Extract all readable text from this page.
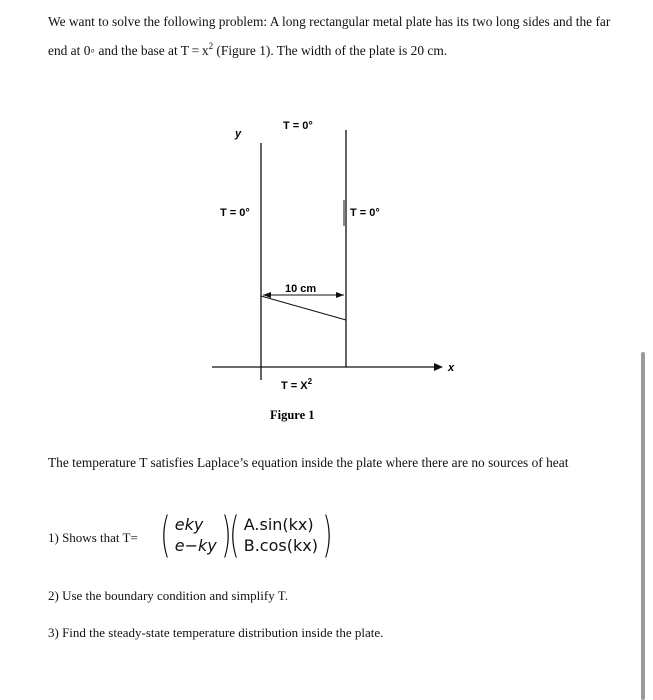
We want to solve the following problem: A long rectangular metal plate has its two long sides and the far end at 0◦ and the base at $T = x^2$ (Figure 1). The width of the plate is 20 cm.

T = 0°
y
T = 0°	T = 0°
10 cm
x
$T = X^2$
Figure 1

The temperature T satisfies Laplace’s equation inside the plate where there are no sources of heat

1) Shows that T= ( eky
e−ky )
( A.sin(kx)
B.cos(kx) )
2) Use the boundary condition and simplify T.
3) Find the steady-state temperature distribution inside the plate.
